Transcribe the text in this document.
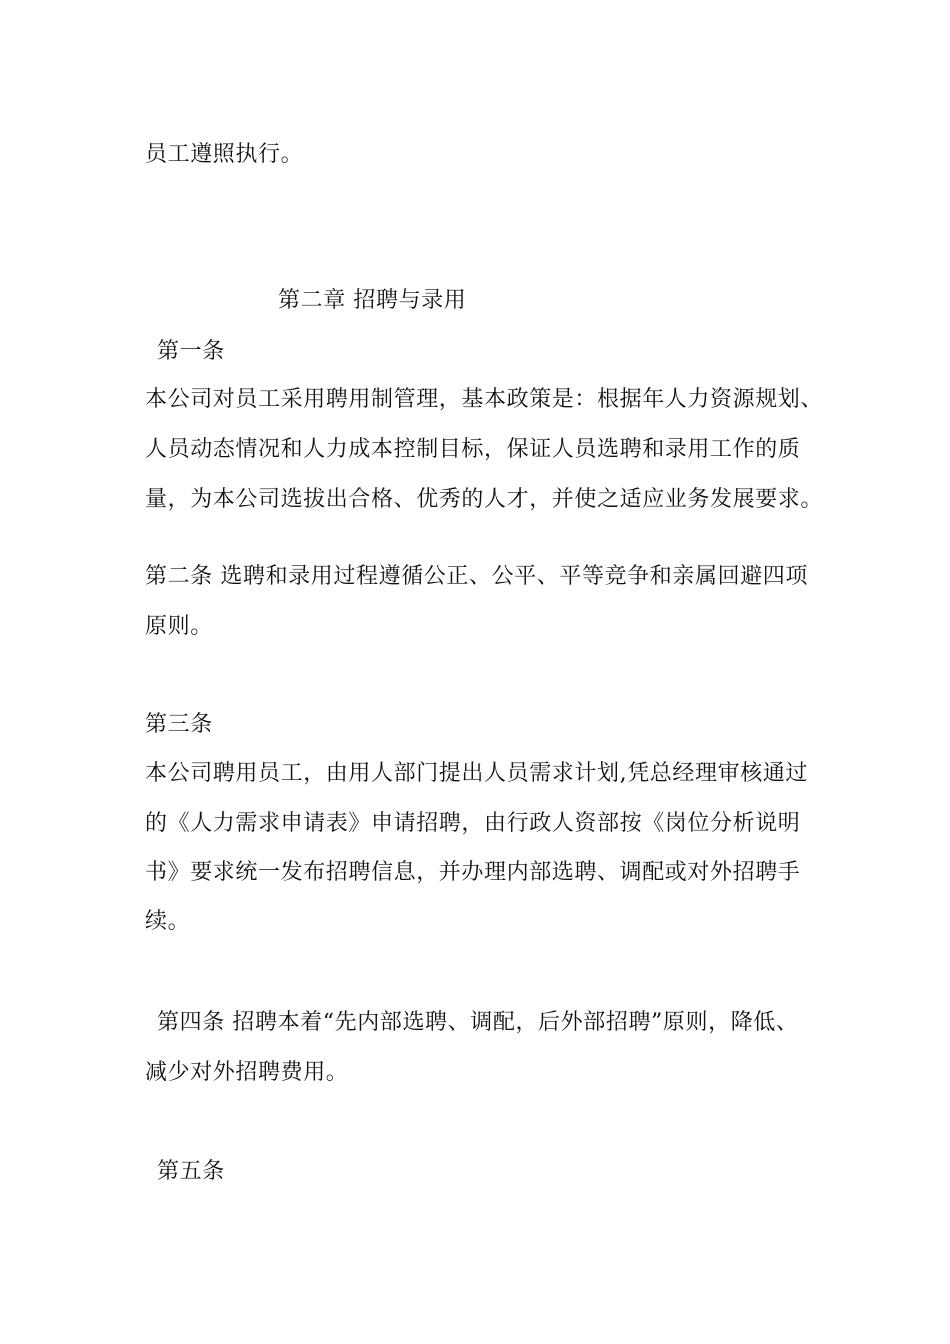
员工遵照执行。
第二章 招聘与录用
第一条
本公司对员工采用聘用制管理，基本政策是：根据年人力资源规划、
人员动态情况和人力成本控制目标，保证人员选聘和录用工作的质
量，为本公司选拔出合格、优秀的人才，并使之适应业务发展要求。
第二条 选聘和录用过程遵循公正、公平、平等竞争和亲属回避四项
原则。
第三条
本公司聘用员工，由用人部门提出人员需求计划,凭总经理审核通过
的《人力需求申请表》申请招聘，由行政人资部按《岗位分析说明
书》要求统一发布招聘信息，并办理内部选聘、调配或对外招聘手
续。
第四条 招聘本着“先内部选聘、调配，后外部招聘”原则，降低、
减少对外招聘费用。
第五条
